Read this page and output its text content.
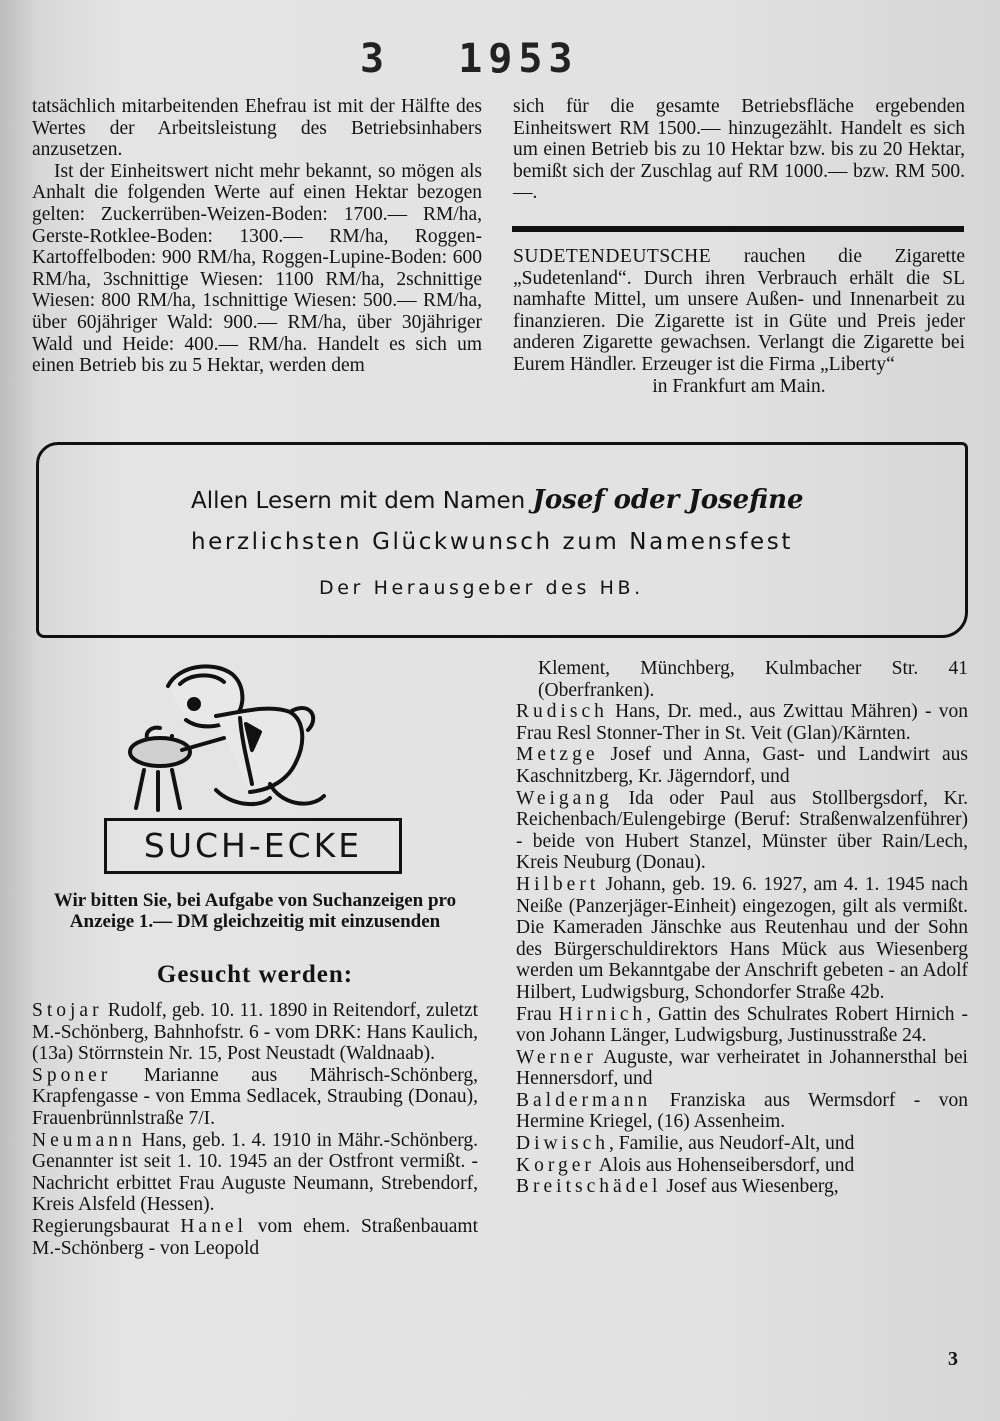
3 1953

tatsächlich mitarbeitenden Ehefrau ist mit der Hälfte des Wertes der Arbeitsleistung des Betriebsinhabers anzusetzen.

Ist der Einheitswert nicht mehr bekannt, so mögen als Anhalt die folgenden Werte auf einen Hektar bezogen gelten: Zuckerrüben-Weizen-Boden: 1700.— RM/ha, Gerste-Rotklee-Boden: 1300.— RM/ha, Roggen-Kartoffelboden: 900 RM/ha, Roggen-Lupine-Boden: 600 RM/ha, 3schnittige Wiesen: 1100 RM/ha, 2schnittige Wiesen: 800 RM/ha, 1schnittige Wiesen: 500.— RM/ha, über 60jähriger Wald: 900.— RM/ha, über 30jähriger Wald und Heide: 400.— RM/ha. Handelt es sich um einen Betrieb bis zu 5 Hektar, werden dem

sich für die gesamte Betriebsfläche ergebenden Einheitswert RM 1500.— hinzugezählt. Handelt es sich um einen Betrieb bis zu 10 Hektar bzw. bis zu 20 Hektar, bemißt sich der Zuschlag auf RM 1000.— bzw. RM 500.—.

SUDETENDEUTSCHE rauchen die Zigarette „Sudetenland“. Durch ihren Verbrauch erhält die SL namhafte Mittel, um unsere Außen- und Innenarbeit zu finanzieren. Die Zigarette ist in Güte und Preis jeder anderen Zigarette gewachsen. Verlangt die Zigarette bei Eurem Händler. Erzeuger ist die Firma „Liberty“

in Frankfurt am Main.

Allen Lesern mit dem Namen Josef oder Josefine
herzlichsten Glückwunsch zum Namensfest
Der Herausgeber des HB.
SUCH-ECKE
Wir bitten Sie, bei Aufgabe von Suchanzeigen pro Anzeige 1.— DM gleichzeitig mit einzusenden
Gesucht werden:

Stojar Rudolf, geb. 10. 11. 1890 in Reitendorf, zuletzt M.-Schönberg, Bahnhofstr. 6 - vom DRK: Hans Kaulich, (13a) Störrnstein Nr. 15, Post Neustadt (Waldnaab).

Sponer Marianne aus Mährisch-Schönberg, Krapfengasse - von Emma Sedlacek, Straubing (Donau), Frauenbrünnlstraße 7/I.

Neumann Hans, geb. 1. 4. 1910 in Mähr.-Schönberg. Genannter ist seit 1. 10. 1945 an der Ostfront vermißt. - Nachricht erbittet Frau Auguste Neumann, Strebendorf, Kreis Alsfeld (Hessen).

Regierungsbaurat Hanel vom ehem. Straßenbauamt M.-Schönberg - von Leopold

Klement, Münchberg, Kulmbacher Str. 41 (Oberfranken).

Rudisch Hans, Dr. med., aus Zwittau Mähren) - von Frau Resl Stonner-Ther in St. Veit (Glan)/Kärnten.

Metzge Josef und Anna, Gast- und Landwirt aus Kaschnitzberg, Kr. Jägerndorf, und

Weigang Ida oder Paul aus Stollbergsdorf, Kr. Reichenbach/Eulengebirge (Beruf: Straßenwalzenführer) - beide von Hubert Stanzel, Münster über Rain/Lech, Kreis Neuburg (Donau).

Hilbert Johann, geb. 19. 6. 1927, am 4. 1. 1945 nach Neiße (Panzerjäger-Einheit) eingezogen, gilt als vermißt. Die Kameraden Jänschke aus Reutenhau und der Sohn des Bürgerschuldirektors Hans Mück aus Wiesenberg werden um Bekanntgabe der Anschrift gebeten - an Adolf Hilbert, Ludwigsburg, Schondorfer Straße 42b.

Frau Hirnich, Gattin des Schulrates Robert Hirnich - von Johann Länger, Ludwigsburg, Justinusstraße 24.

Werner Auguste, war verheiratet in Johannersthal bei Hennersdorf, und

Baldermann Franziska aus Wermsdorf - von Hermine Kriegel, (16) Assenheim.

Diwisch, Familie, aus Neudorf-Alt, und

Korger Alois aus Hohenseibersdorf, und

Breitschädel Josef aus Wiesenberg,

3
